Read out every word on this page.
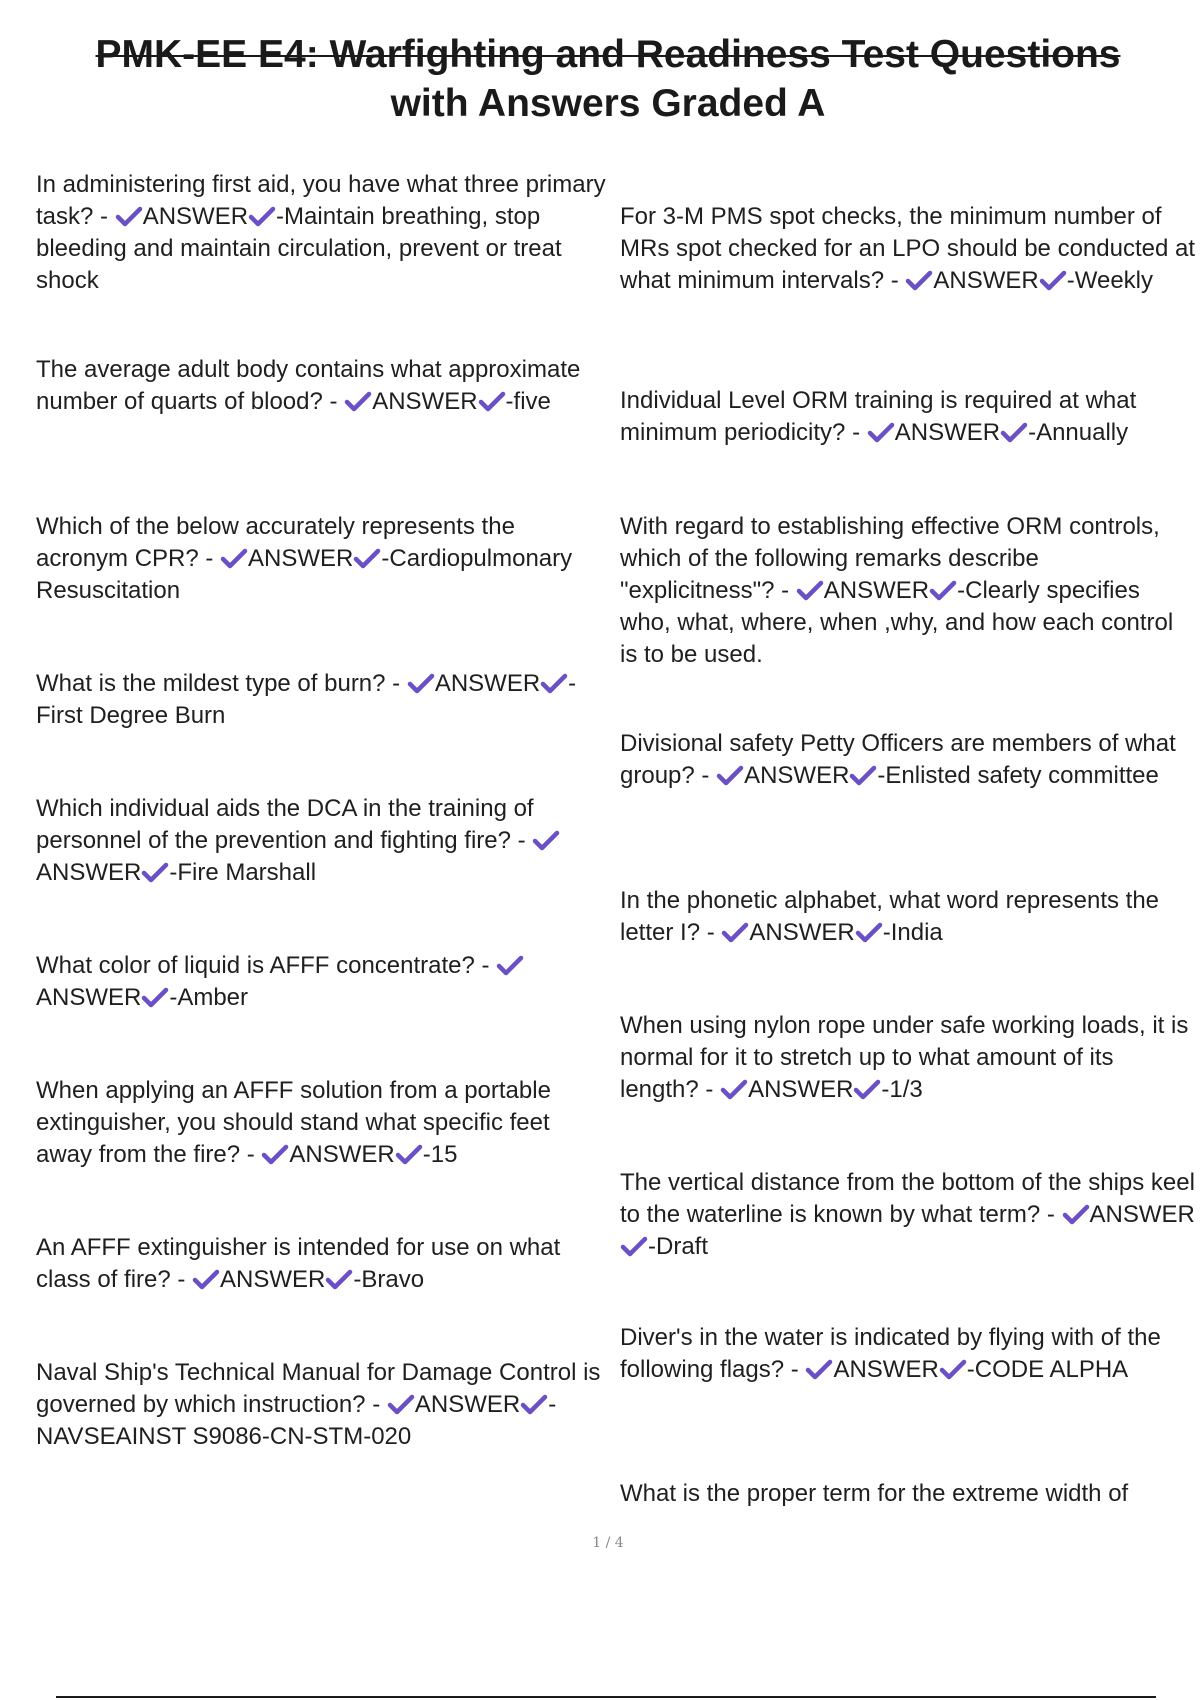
PMK-EE E4: Warfighting and Readiness Test Questions
with Answers Graded A

In administering first aid, you have what three primary task? -
ANSWER -Maintain breathing, stop bleeding and maintain circulation, prevent or treat shock

The average adult body contains what approximate number of quarts of blood? -
ANSWER -five

Which of the below accurately represents the acronym CPR? -
ANSWER -Cardiopulmonary Resuscitation

What is the mildest type of burn? -
ANSWER -First Degree Burn

Which individual aids the DCA in the training of personnel of the prevention and fighting fire? -
ANSWER -Fire Marshall

What color of liquid is AFFF concentrate? -
ANSWER -Amber

When applying an AFFF solution from a portable extinguisher, you should stand what specific feet away from the fire? -
ANSWER -15

An AFFF extinguisher is intended for use on what class of fire? -
ANSWER -Bravo

Naval Ship's Technical Manual for Damage Control is governed by which instruction? -
ANSWER -NAVSEAINST S9086-CN-STM-020

For 3-M PMS spot checks, the minimum number of MRs spot checked for an LPO should be conducted at what minimum intervals? -
ANSWER -Weekly

Individual Level ORM training is required at what minimum periodicity? -
ANSWER -Annually

With regard to establishing effective ORM controls, which of the following remarks describe "explicitness"? -
ANSWER -Clearly specifies who, what, where, when ,why, and how each control is to be used.

Divisional safety Petty Officers are members of what group? -
ANSWER -Enlisted safety committee

In the phonetic alphabet, what word represents the letter I? -
ANSWER -India

When using nylon rope under safe working loads, it is normal for it to stretch up to what amount of its length? -
ANSWER -1/3

The vertical distance from the bottom of the ships keel to the waterline is known by what term? -
ANSWER
-Draft

Diver's in the water is indicated by flying with of the following flags? -
ANSWER -CODE ALPHA

What is the proper term for the extreme width of

1 / 4
